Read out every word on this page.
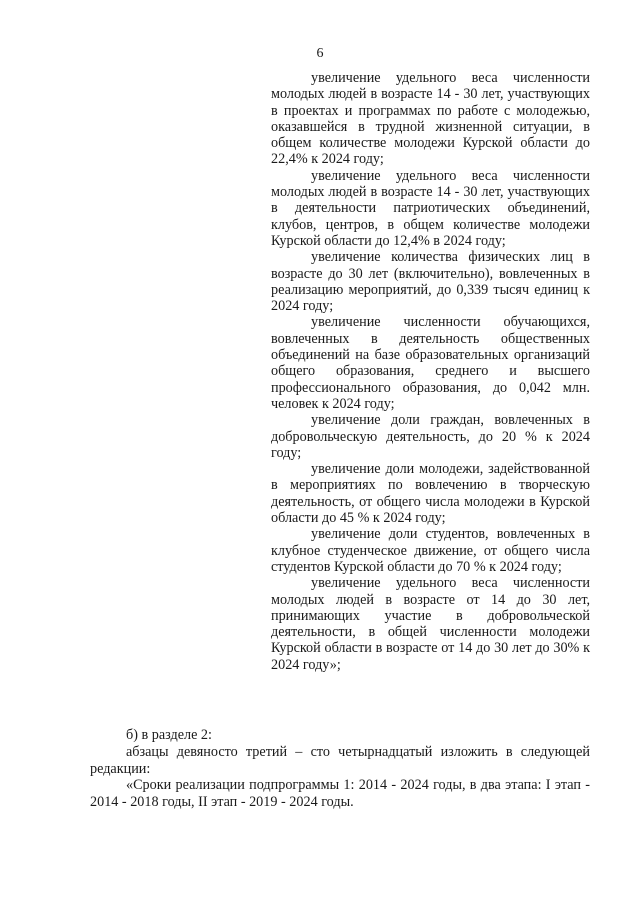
6

увеличение удельного веса численности молодых людей в возрасте 14 - 30 лет, участвующих в проектах и программах по работе с молодежью, оказавшейся в трудной жизненной ситуации, в общем количестве молодежи Курской области до 22,4% к 2024 году;

увеличение удельного веса численности молодых людей в возрасте 14 - 30 лет, участвующих в деятельности патриотических объединений, клубов, центров, в общем количестве молодежи Курской области до 12,4% в 2024 году;

увеличение количества физических лиц в возрасте до 30 лет (включительно), вовлеченных в реализацию мероприятий, до 0,339 тысяч единиц к 2024 году;

увеличение численности обучающихся, вовлеченных в деятельность общественных объединений на базе образовательных организаций общего образования, среднего и высшего профессионального образования, до 0,042 млн. человек к 2024 году;

увеличение доли граждан, вовлеченных в добровольческую деятельность, до 20 % к 2024 году;

увеличение доли молодежи, задействованной в мероприятиях по вовлечению в творческую деятельность, от общего числа молодежи в Курской области до 45 % к 2024 году;

увеличение доли студентов, вовлеченных в клубное студенческое движение, от общего числа студентов Курской области до 70 % к 2024 году;

увеличение удельного веса численности молодых людей в возрасте от 14 до 30 лет, принимающих участие в добровольческой деятельности, в общей численности молодежи Курской области в возрасте от 14 до 30 лет до 30% к 2024 году»;

б) в разделе 2:

абзацы девяносто третий – сто четырнадцатый изложить в следующей редакции:

«Сроки реализации подпрограммы 1: 2014 - 2024 годы, в два этапа: I этап - 2014 - 2018 годы, II этап - 2019 - 2024 годы.
